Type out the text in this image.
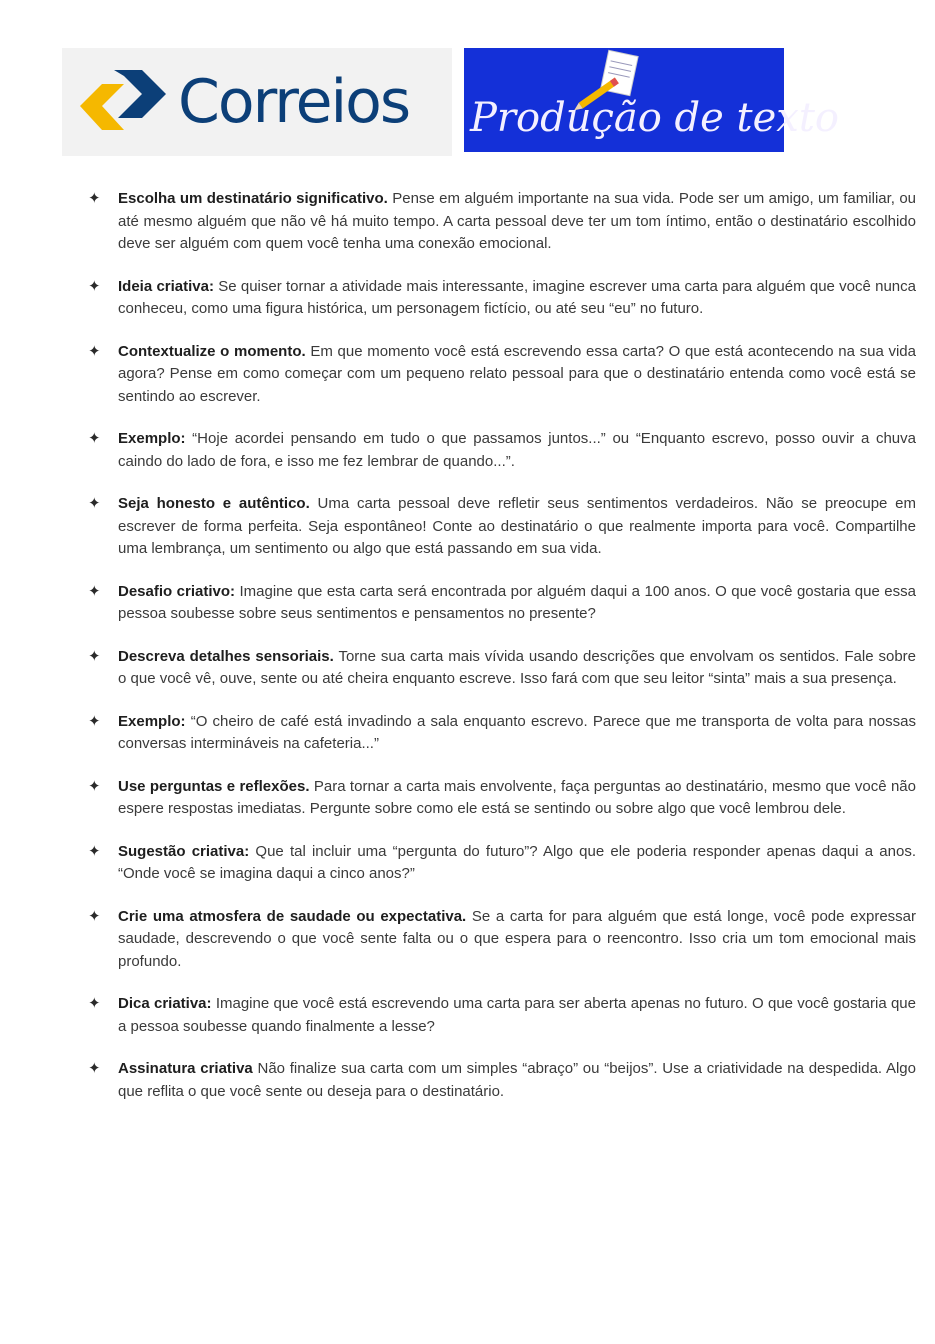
Correios Produção de texto
✦	Escolha um destinatário significativo. Pense em alguém importante na sua vida. Pode ser um amigo, um familiar, ou até mesmo alguém que não vê há muito tempo. A carta pessoal deve ter um tom íntimo, então o destinatário escolhido deve ser alguém com quem você tenha uma conexão emocional.

✦	Ideia criativa: Se quiser tornar a atividade mais interessante, imagine escrever uma carta para alguém que você nunca conheceu, como uma figura histórica, um personagem fictício, ou até seu “eu” no futuro.

✦	Contextualize o momento. Em que momento você está escrevendo essa carta? O que está acontecendo na sua vida agora? Pense em como começar com um pequeno relato pessoal para que o destinatário entenda como você está se sentindo ao escrever.

✦	Exemplo: “Hoje acordei pensando em tudo o que passamos juntos...” ou “Enquanto escrevo, posso ouvir a chuva caindo do lado de fora, e isso me fez lembrar de quando...”.

✦	Seja honesto e autêntico. Uma carta pessoal deve refletir seus sentimentos verdadeiros. Não se preocupe em escrever de forma perfeita. Seja espontâneo! Conte ao destinatário o que realmente importa para você. Compartilhe uma lembrança, um sentimento ou algo que está passando em sua vida.

✦	Desafio criativo: Imagine que esta carta será encontrada por alguém daqui a 100 anos. O que você gostaria que essa pessoa soubesse sobre seus sentimentos e pensamentos no presente?

✦	Descreva detalhes sensoriais. Torne sua carta mais vívida usando descrições que envolvam os sentidos. Fale sobre o que você vê, ouve, sente ou até cheira enquanto escreve. Isso fará com que seu leitor “sinta” mais a sua presença.

✦	Exemplo: “O cheiro de café está invadindo a sala enquanto escrevo. Parece que me transporta de volta para nossas conversas intermináveis na cafeteria...”

✦	Use perguntas e reflexões. Para tornar a carta mais envolvente, faça perguntas ao destinatário, mesmo que você não espere respostas imediatas. Pergunte sobre como ele está se sentindo ou sobre algo que você lembrou dele.

✦	Sugestão criativa: Que tal incluir uma “pergunta do futuro”? Algo que ele poderia responder apenas daqui a anos. “Onde você se imagina daqui a cinco anos?”

✦	Crie uma atmosfera de saudade ou expectativa. Se a carta for para alguém que está longe, você pode expressar saudade, descrevendo o que você sente falta ou o que espera para o reencontro. Isso cria um tom emocional mais profundo.

✦	Dica criativa: Imagine que você está escrevendo uma carta para ser aberta apenas no futuro. O que você gostaria que a pessoa soubesse quando finalmente a lesse?

✦	Assinatura criativa Não finalize sua carta com um simples “abraço” ou “beijos”. Use a criatividade na despedida. Algo que reflita o que você sente ou deseja para o destinatário.
